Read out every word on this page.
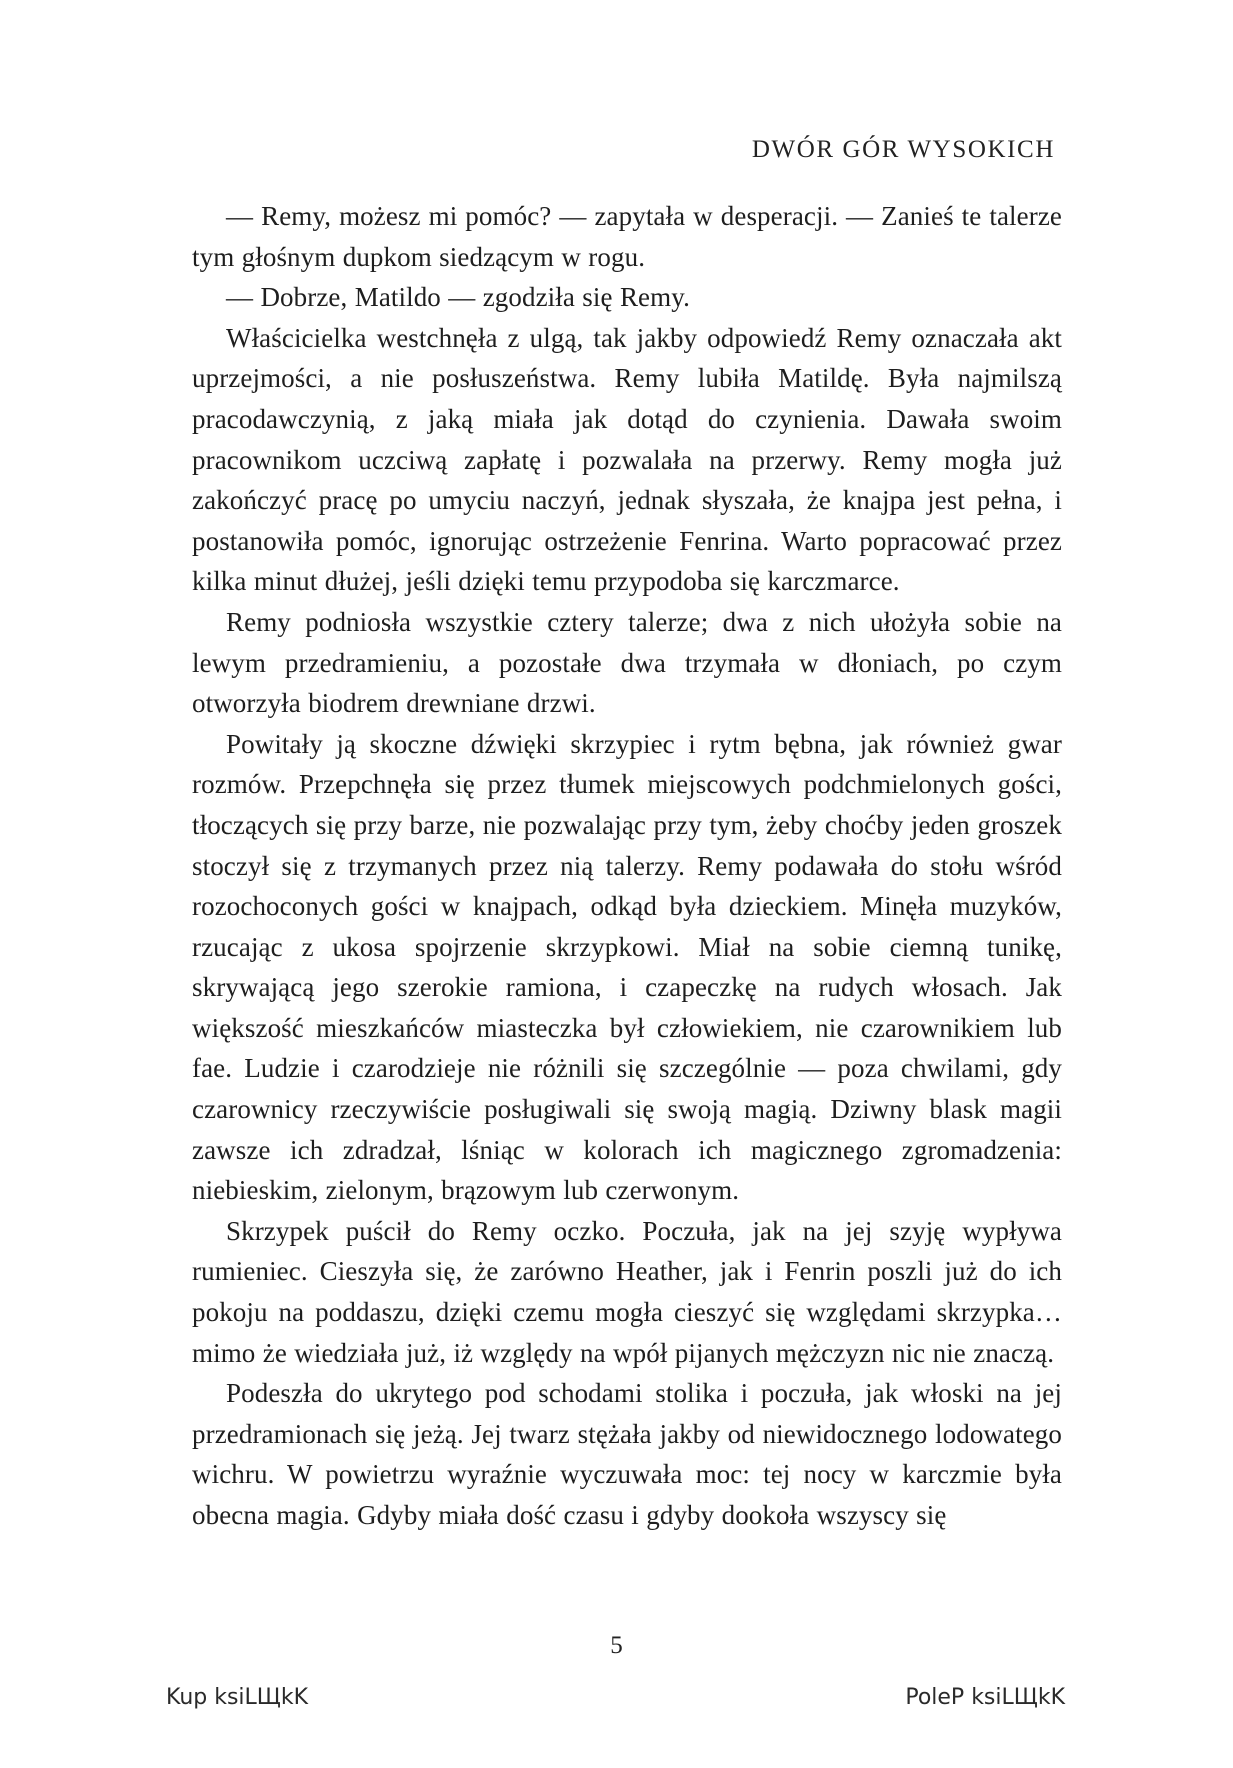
DWÓR GÓR WYSOKICH

— Remy, możesz mi pomóc? — zapytała w desperacji. — Zanieś te talerze tym głośnym dupkom siedzącym w rogu.

— Dobrze, Matildo — zgodziła się Remy.

Właścicielka westchnęła z ulgą, tak jakby odpowiedź Remy oznaczała akt uprzejmości, a nie posłuszeństwa. Remy lubiła Matildę. Była najmilszą pracodawczynią, z jaką miała jak dotąd do czynienia. Dawała swoim pracownikom uczciwą zapłatę i pozwalała na przerwy. Remy mogła już zakończyć pracę po umyciu naczyń, jednak słyszała, że knajpa jest pełna, i postanowiła pomóc, ignorując ostrzeżenie Fenrina. Warto popracować przez kilka minut dłużej, jeśli dzięki temu przypodoba się karczmarce.

Remy podniosła wszystkie cztery talerze; dwa z nich ułożyła sobie na lewym przedramieniu, a pozostałe dwa trzymała w dłoniach, po czym otworzyła biodrem drewniane drzwi.

Powitały ją skoczne dźwięki skrzypiec i rytm bębna, jak również gwar rozmów. Przepchnęła się przez tłumek miejscowych podchmielonych gości, tłoczących się przy barze, nie pozwalając przy tym, żeby choćby jeden groszek stoczył się z trzymanych przez nią talerzy. Remy podawała do stołu wśród rozochoconych gości w knajpach, odkąd była dzieckiem. Minęła muzyków, rzucając z ukosa spojrzenie skrzypkowi. Miał na sobie ciemną tunikę, skrywającą jego szerokie ramiona, i czapeczkę na rudych włosach. Jak większość mieszkańców miasteczka był człowiekiem, nie czarownikiem lub fae. Ludzie i czarodzieje nie różnili się szczególnie — poza chwilami, gdy czarownicy rzeczywiście posługiwali się swoją magią. Dziwny blask magii zawsze ich zdradzał, lśniąc w kolorach ich magicznego zgromadzenia: niebieskim, zielonym, brązowym lub czerwonym.

Skrzypek puścił do Remy oczko. Poczuła, jak na jej szyję wypływa rumieniec. Cieszyła się, że zarówno Heather, jak i Fenrin poszli już do ich pokoju na poddaszu, dzięki czemu mogła cieszyć się względami skrzypka… mimo że wiedziała już, iż względy na wpół pijanych mężczyzn nic nie znaczą.

Podeszła do ukrytego pod schodami stolika i poczuła, jak włoski na jej przedramionach się jeżą. Jej twarz stężała jakby od niewidocznego lodowatego wichru. W powietrzu wyraźnie wyczuwała moc: tej nocy w karczmie była obecna magia. Gdyby miała dość czasu i gdyby dookoła wszyscy się

5
Kup ksiLЩkK	PoleP ksiLЩkK
